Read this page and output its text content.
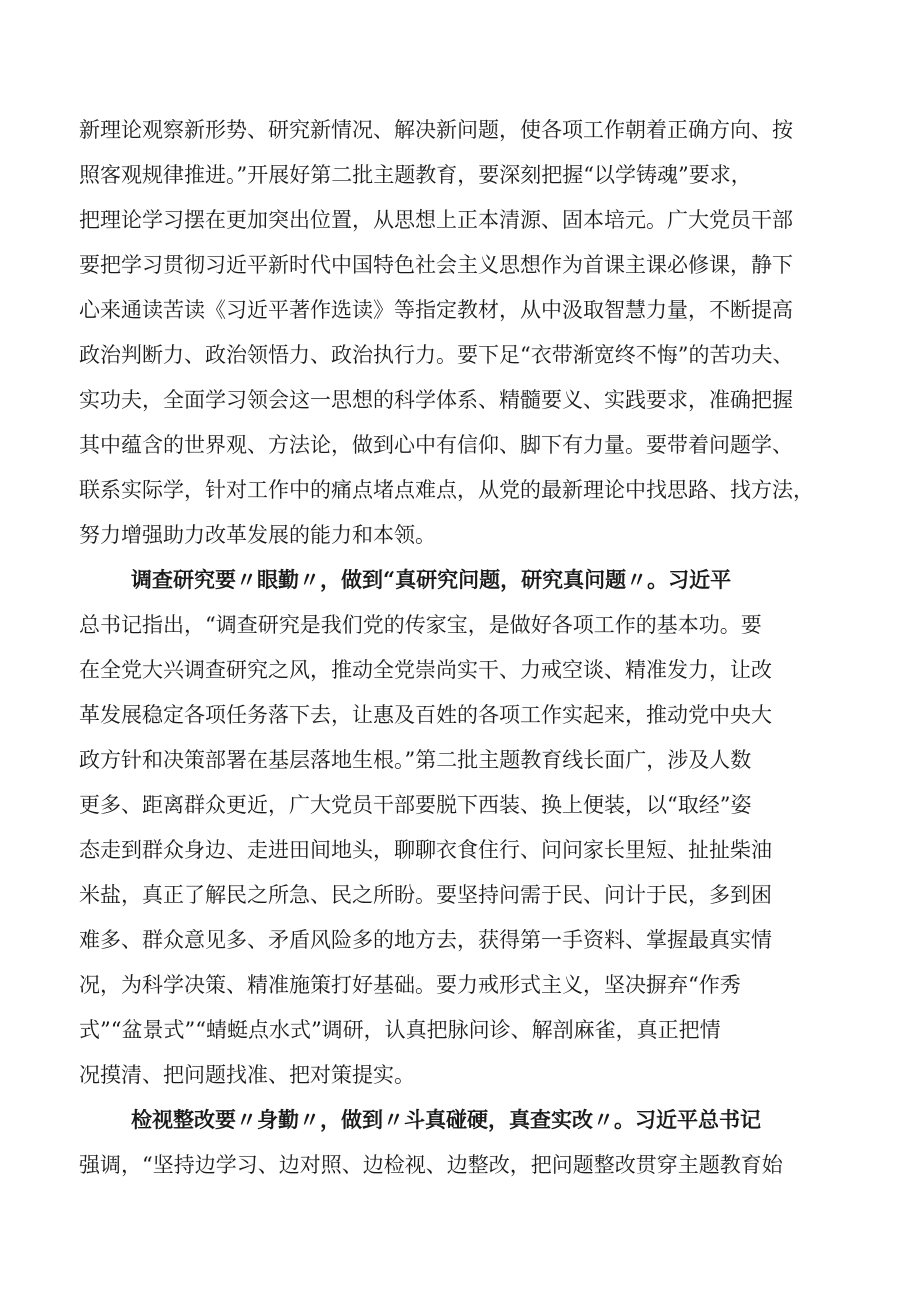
新理论观察新形势、研究新情况、解决新问题，使各项工作朝着正确方向、按
照客观规律推进。”开展好第二批主题教育，要深刻把握“以学铸魂”要求，
把理论学习摆在更加突出位置，从思想上正本清源、固本培元。广大党员干部
要把学习贯彻习近平新时代中国特色社会主义思想作为首课主课必修课，静下
心来通读苦读《习近平著作选读》等指定教材，从中汲取智慧力量，不断提高
政治判断力、政治领悟力、政治执行力。要下足“衣带渐宽终不悔”的苦功夫、
实功夫，全面学习领会这一思想的科学体系、精髓要义、实践要求，准确把握
其中蕴含的世界观、方法论，做到心中有信仰、脚下有力量。要带着问题学、
联系实际学，针对工作中的痛点堵点难点，从党的最新理论中找思路、找方法，
努力增强助力改革发展的能力和本领。
调查研究要〃眼勤〃，做到“真研究问题，研究真问题〃。习近平
总书记指出，“调查研究是我们党的传家宝，是做好各项工作的基本功。要
在全党大兴调查研究之风，推动全党崇尚实干、力戒空谈、精准发力，让改
革发展稳定各项任务落下去，让惠及百姓的各项工作实起来，推动党中央大
政方针和决策部署在基层落地生根。”第二批主题教育线长面广，涉及人数
更多、距离群众更近，广大党员干部要脱下西装、换上便装，以“取经”姿
态走到群众身边、走进田间地头，聊聊衣食住行、问问家长里短、扯扯柴油
米盐，真正了解民之所急、民之所盼。要坚持问需于民、问计于民，多到困
难多、群众意见多、矛盾风险多的地方去，获得第一手资料、掌握最真实情
况，为科学决策、精准施策打好基础。要力戒形式主义，坚决摒弃“作秀
式”“盆景式”“蜻蜓点水式”调研，认真把脉问诊、解剖麻雀，真正把情
况摸清、把问题找准、把对策提实。
检视整改要〃身勤〃，做到〃斗真碰硬，真查实改〃。习近平总书记
强调，“坚持边学习、边对照、边检视、边整改，把问题整改贯穿主题教育始
